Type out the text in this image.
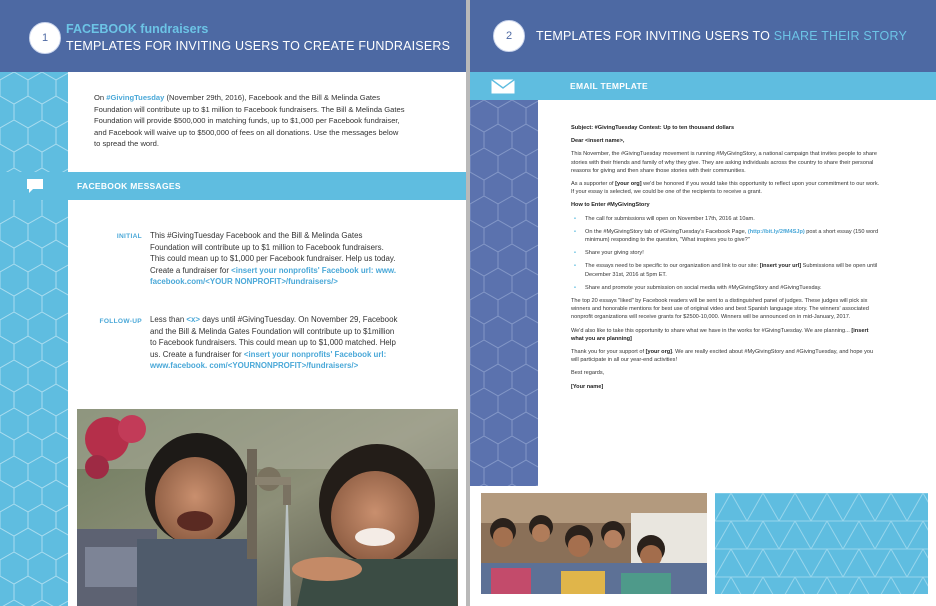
1
FACEBOOK fundraisers
TEMPLATES FOR INVITING USERS TO CREATE FUNDRAISERS
On #GivingTuesday (November 29th, 2016), Facebook and the Bill & Melinda Gates Foundation will contribute up to $1 million to Facebook fundraisers. The Bill & Melinda Gates Foundation will provide $500,000 in matching funds, up to $1,000 per Facebook fundraiser, and Facebook will waive up to $500,000 of fees on all donations. Use the messages below to spread the word.
FACEBOOK MESSAGES
INITIAL This #GivingTuesday Facebook and the Bill & Melinda Gates Foundation will contribute up to $1 million to Facebook fundraisers. This could mean up to $1,000 per Facebook fundraiser. Help us today. Create a fundraiser for <insert your nonprofits' Facebook url: www. facebook.com/<YOUR NONPROFIT>/fundraisers/>
FOLLOW-UP Less than <x> days until #GivingTuesday. On November 29, Facebook and the Bill & Melinda Gates Foundation will contribute up to $1million to Facebook fundraisers. This could mean up to $1,000 matched. Help us. Create a fundraiser for <insert your nonprofits' Facebook url: www.facebook. com/<YOURNONPROFIT>/fundraisers/>
2	TEMPLATES FOR INVITING USERS TO SHARE THEIR STORY
EMAIL TEMPLATE

Subject: #GivingTuesday Contest: Up to ten thousand dollars

Dear <insert name>,

This November, the #GivingTuesday movement is running #MyGivingStory, a national campaign that invites people to share stories with their friends and family of why they give. They are asking individuals across the country to share their personal reasons for giving and then share those stories with their communities.

As a supporter of [your org] we'd be honored if you would take this opportunity to reflect upon your commitment to our work. If your essay is selected, we could be one of the recipients to receive a grant.

How to Enter #MyGivingStory

• The call for submissions will open on November 17th, 2016 at 10am.
• On the #MyGivingStory tab of #GivingTuesday's Facebook Page, (http://bit.ly/2fM4SJp) post a short essay (150 word minimum) responding to the question, "What inspires you to give?"
• Share your giving story!
• The essays need to be specific to our organization and link to our site: [insert your url] Submissions will be open until December 31st, 2016 at 5pm ET.
• Share and promote your submission on social media with #MyGivingStory and #GivingTuesday.

The top 20 essays "liked" by Facebook readers will be sent to a distinguished panel of judges. These judges will pick six winners and honorable mentions for best use of original video and best Spanish language story. The winners' associated nonprofit organizations will receive grants for $2500-10,000. Winners will be announced on in mid-January, 2017.

We'd also like to take this opportunity to share what we have in the works for #GivingTuesday. We are planning... [insert what you are planning]

Thank you for your support of [your org]. We are really excited about #MyGivingStory and #GivingTuesday, and hope you will participate in all our year-end activities!

Best regards,

[Your name]
